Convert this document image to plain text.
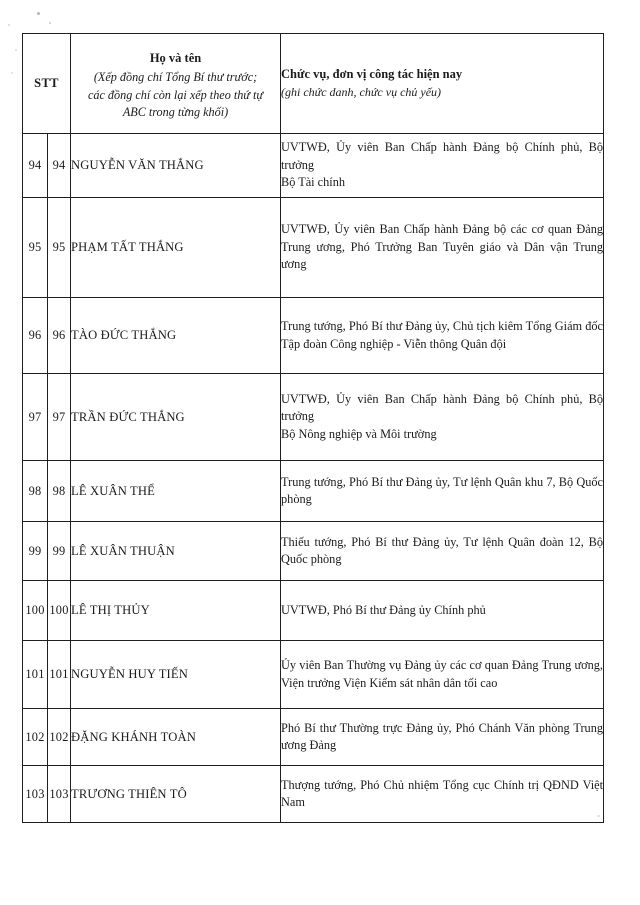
STT		Họ và tên
(Xếp đồng chí Tổng Bí thư trước;
các đồng chí còn lại xếp theo thứ tự
ABC trong từng khối)	Chức vụ, đơn vị công tác hiện nay
(ghi chức danh, chức vụ chủ yếu)

94	94	NGUYỄN VĂN THẮNG	UVTWĐ, Ủy viên Ban Chấp hành Đảng bộ Chính phủ, Bộ trưởng
Bộ Tài chính

95	95	PHẠM TẤT THẮNG	UVTWĐ, Ủy viên Ban Chấp hành Đảng bộ các cơ quan Đảng
Trung ương, Phó Trưởng Ban Tuyên giáo và Dân vận Trung ương

96	96	TÀO ĐỨC THẮNG	Trung tướng, Phó Bí thư Đảng ủy, Chủ tịch kiêm Tổng Giám đốc
Tập đoàn Công nghiệp - Viễn thông Quân đội

97	97	TRẦN ĐỨC THẮNG	UVTWĐ, Ủy viên Ban Chấp hành Đảng bộ Chính phủ, Bộ trưởng
Bộ Nông nghiệp và Môi trường

98	98	LÊ XUÂN THỂ	Trung tướng, Phó Bí thư Đảng ủy, Tư lệnh Quân khu 7, Bộ Quốc
phòng

99	99	LÊ XUÂN THUẬN	Thiếu tướng, Phó Bí thư Đảng ủy, Tư lệnh Quân đoàn 12, Bộ
Quốc phòng

100	100	LÊ THỊ THỦY	UVTWĐ, Phó Bí thư Đảng ủy Chính phủ

101	101	NGUYỄN HUY TIẾN	Ủy viên Ban Thường vụ Đảng ủy các cơ quan Đảng Trung ương,
Viện trưởng Viện Kiểm sát nhân dân tối cao

102	102	ĐẶNG KHÁNH TOÀN	Phó Bí thư Thường trực Đảng ủy, Phó Chánh Văn phòng Trung
ương Đảng

103	103	TRƯƠNG THIÊN TÔ	Thượng tướng, Phó Chủ nhiệm Tổng cục Chính trị QĐND Việt
Nam
